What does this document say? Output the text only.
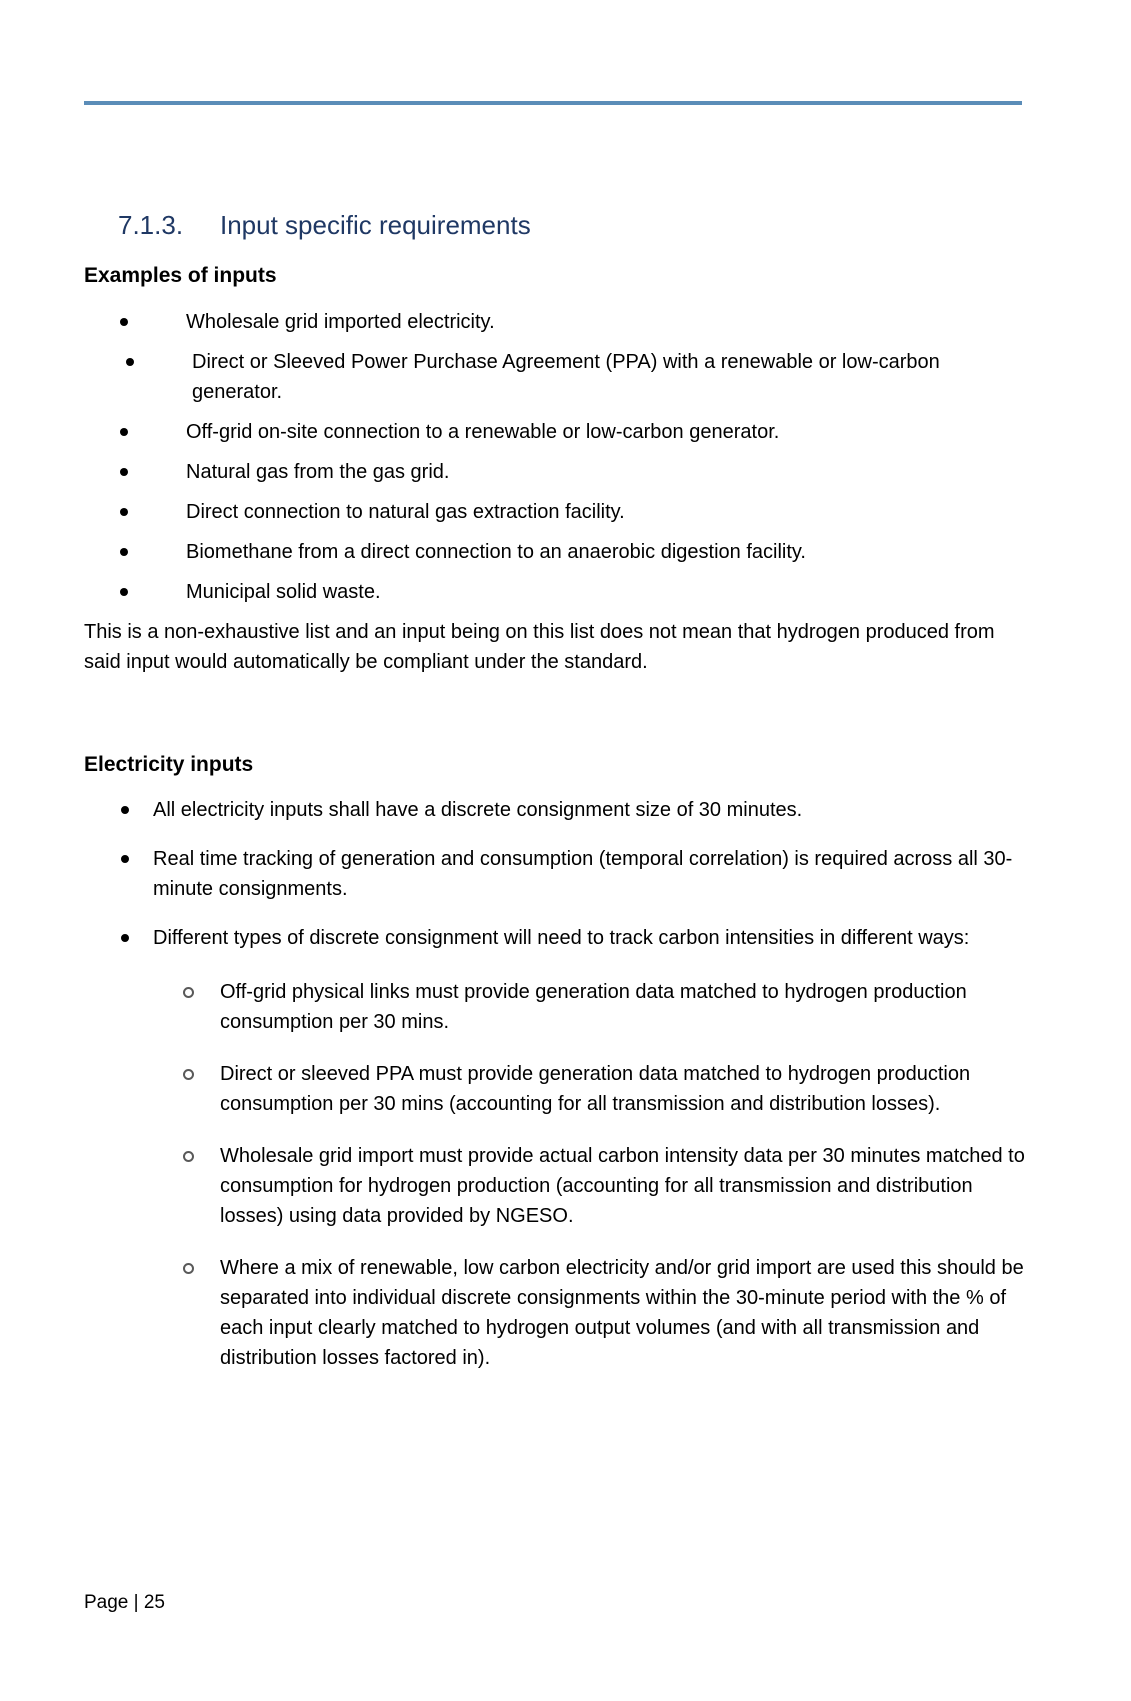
7.1.3. Input specific requirements
Examples of inputs
Wholesale grid imported electricity.
Direct or Sleeved Power Purchase Agreement (PPA) with a renewable or low-carbon generator.
Off-grid on-site connection to a renewable or low-carbon generator.
Natural gas from the gas grid.
Direct connection to natural gas extraction facility.
Biomethane from a direct connection to an anaerobic digestion facility.
Municipal solid waste.

This is a non-exhaustive list and an input being on this list does not mean that hydrogen produced from said input would automatically be compliant under the standard.

Electricity inputs
All electricity inputs shall have a discrete consignment size of 30 minutes.
Real time tracking of generation and consumption (temporal correlation) is required across all 30-minute consignments.
Different types of discrete consignment will need to track carbon intensities in different ways:
Off-grid physical links must provide generation data matched to hydrogen production consumption per 30 mins.
Direct or sleeved PPA must provide generation data matched to hydrogen production consumption per 30 mins (accounting for all transmission and distribution losses).
Wholesale grid import must provide actual carbon intensity data per 30 minutes matched to consumption for hydrogen production (accounting for all transmission and distribution losses) using data provided by NGESO.
Where a mix of renewable, low carbon electricity and/or grid import are used this should be separated into individual discrete consignments within the 30-minute period with the % of each input clearly matched to hydrogen output volumes (and with all transmission and distribution losses factored in).
Page | 25
